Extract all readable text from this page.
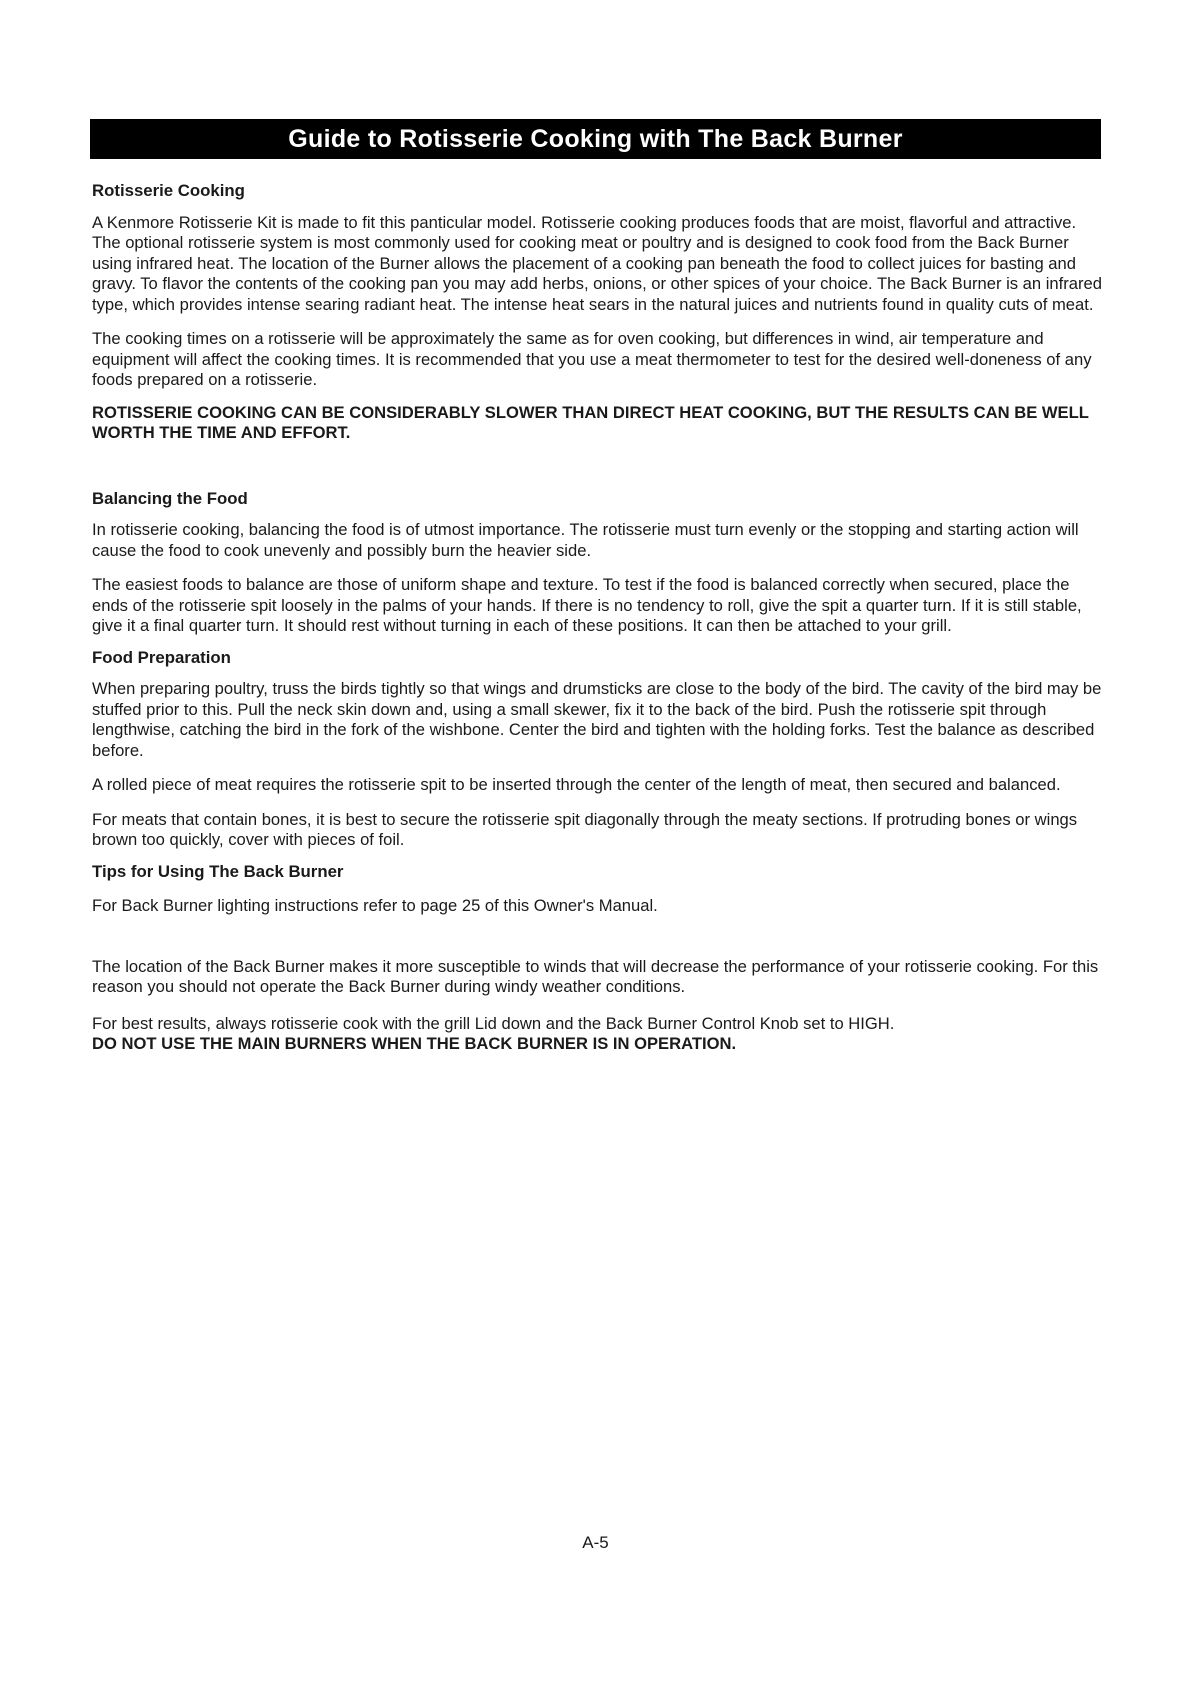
Guide to Rotisserie Cooking with The Back Burner
Rotisserie Cooking

A Kenmore Rotisserie Kit is made to fit this panticular model. Rotisserie cooking produces foods that are moist, flavorful and attractive. The optional rotisserie system is most commonly used for cooking meat or poultry and is designed to cook food from the Back Burner using infrared heat. The location of the Burner allows the placement of a cooking pan beneath the food to collect juices for basting and gravy. To flavor the contents of the cooking pan you may add herbs, onions, or other spices of your choice. The Back Burner is an infrared type, which provides intense searing radiant heat. The intense heat sears in the natural juices and nutrients found in quality cuts of meat.

The cooking times on a rotisserie will be approximately the same as for oven cooking, but differences in wind, air temperature and equipment will affect the cooking times. It is recommended that you use a meat thermometer to test for the desired well-doneness of any foods prepared on a rotisserie.

ROTISSERIE COOKING CAN BE CONSIDERABLY SLOWER THAN DIRECT HEAT COOKING, BUT THE RESULTS CAN BE WELL WORTH THE TIME AND EFFORT.

Balancing the Food

In rotisserie cooking, balancing the food is of utmost importance. The rotisserie must turn evenly or the stopping and starting action will cause the food to cook unevenly and possibly burn the heavier side.

The easiest foods to balance are those of uniform shape and texture. To test if the food is balanced correctly when secured, place the ends of the rotisserie spit loosely in the palms of your hands. If there is no tendency to roll, give the spit a quarter turn. If it is still stable, give it a final quarter turn. It should rest without turning in each of these positions. It can then be attached to your grill.

Food Preparation

When preparing poultry, truss the birds tightly so that wings and drumsticks are close to the body of the bird. The cavity of the bird may be stuffed prior to this. Pull the neck skin down and, using a small skewer, fix it to the back of the bird. Push the rotisserie spit through lengthwise, catching the bird in the fork of the wishbone. Center the bird and tighten with the holding forks. Test the balance as described before.

A rolled piece of meat requires the rotisserie spit to be inserted through the center of the length of meat, then secured and balanced.

For meats that contain bones, it is best to secure the rotisserie spit diagonally through the meaty sections. If protruding bones or wings brown too quickly, cover with pieces of foil.

Tips for Using The Back Burner

For Back Burner lighting instructions refer to page 25 of this Owner's Manual.

The location of the Back Burner makes it more susceptible to winds that will decrease the performance of your rotisserie cooking. For this reason you should not operate the Back Burner during windy weather conditions.

For best results, always rotisserie cook with the grill Lid down and the Back Burner Control Knob set to HIGH.

DO NOT USE THE MAIN BURNERS WHEN THE BACK BURNER IS IN OPERATION.

A-5
